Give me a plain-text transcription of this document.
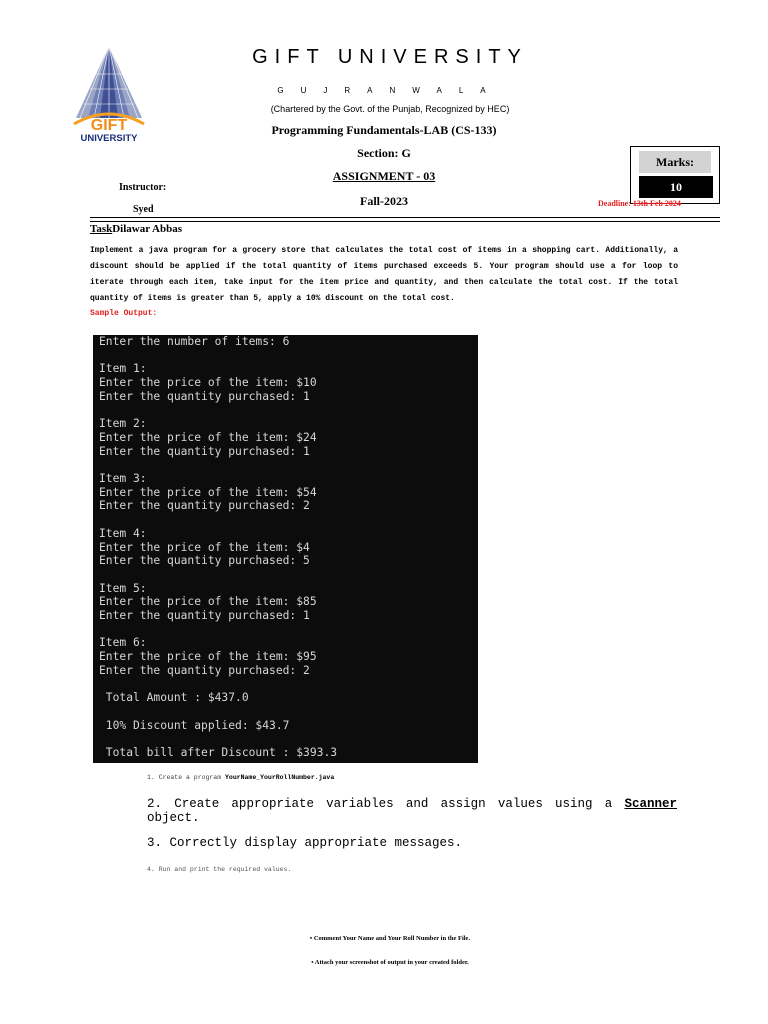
GIFT
UNIVERSITY
GIFT UNIVERSITY
GUJRANWALA
(Chartered by the Govt. of the Punjab, Recognized by HEC)
Programming Fundamentals-LAB (CS-133)
Section: G
ASSIGNMENT - 03
Fall-2023
Instructor:
Syed
Marks:
10
Deadline: 13th Feb 2024
TaskDilawar Abbas
Implement a java program for a grocery store that calculates the total cost of items in a shopping cart. Additionally, a discount should be applied if the total quantity of items purchased exceeds 5. Your program should use a for loop to iterate through each item, take input for the item price and quantity, and then calculate the total cost. If the total quantity of items is greater than 5, apply a 10% discount on the total cost.
Sample Output:
Enter the number of items: 6

Item 1:
Enter the price of the item: $10
Enter the quantity purchased: 1

Item 2:
Enter the price of the item: $24
Enter the quantity purchased: 1

Item 3:
Enter the price of the item: $54
Enter the quantity purchased: 2

Item 4:
Enter the price of the item: $4
Enter the quantity purchased: 5

Item 5:
Enter the price of the item: $85
Enter the quantity purchased: 1

Item 6:
Enter the price of the item: $95
Enter the quantity purchased: 2

Total Amount : $437.0

10% Discount applied: $43.7

Total bill after Discount : $393.3
1. Create a program YourName_YourRollNumber.java
2. Create appropriate variables and assign values using a Scanner object.
3. Correctly display appropriate messages.
4. Run and print the required values.
• Comment Your Name and Your Roll Number in the File.
• Attach your screenshot of output in your created folder.
